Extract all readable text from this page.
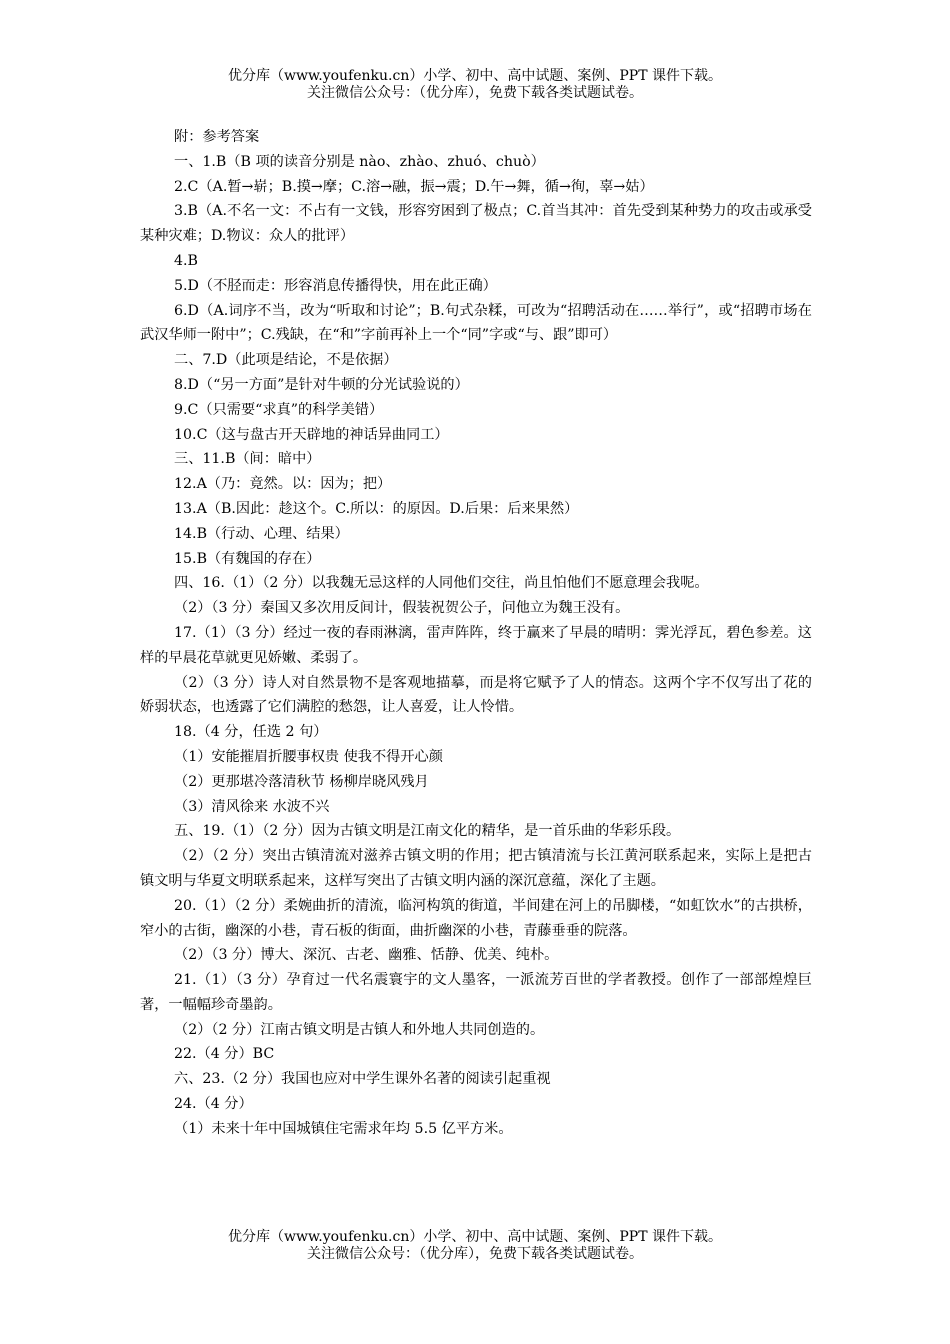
优分库（www.youfenku.cn）小学、初中、高中试题、案例、PPT 课件下载。
关注微信公众号：（优分库），免费下载各类试题试卷。

附：参考答案

一、1.B（B 项的读音分别是 nào、zhào、zhuó、chuò）

2.C（A.暂→崭；B.摸→摩；C.溶→融，振→震；D.午→舞，循→徇，辜→姑）

3.B（A.不名一文：不占有一文钱，形容穷困到了极点；C.首当其冲：首先受到某种势力的攻击或承受某种灾难；D.物议：众人的批评）

4.B

5.D（不胫而走：形容消息传播得快，用在此正确）

6.D（A.词序不当，改为“听取和讨论”；B.句式杂糅，可改为“招聘活动在……举行”，或“招聘市场在武汉华师一附中”；C.残缺，在“和”字前再补上一个“同”字或“与、跟”即可）

二、7.D（此项是结论，不是依据）

8.D（“另一方面”是针对牛顿的分光试验说的）

9.C（只需要“求真”的科学美错）

10.C（这与盘古开天辟地的神话异曲同工）

三、11.B（间：暗中）

12.A（乃：竟然。以：因为；把）

13.A（B.因此：趁这个。C.所以：的原因。D.后果：后来果然）

14.B（行动、心理、结果）

15.B（有魏国的存在）

四、16.（1）（2 分）以我魏无忌这样的人同他们交往，尚且怕他们不愿意理会我呢。

（2）（3 分）秦国又多次用反间计，假装祝贺公子，问他立为魏王没有。

17.（1）（3 分）经过一夜的春雨淋漓，雷声阵阵，终于赢来了早晨的晴明：霁光浮瓦，碧色参差。这样的早晨花草就更见娇嫩、柔弱了。

（2）（3 分）诗人对自然景物不是客观地描摹，而是将它赋予了人的情态。这两个字不仅写出了花的娇弱状态，也透露了它们满腔的愁怨，让人喜爱，让人怜惜。

18.（4 分，任选 2 句）

（1）安能摧眉折腰事权贵 使我不得开心颜

（2）更那堪冷落清秋节 杨柳岸晓风残月

（3）清风徐来 水波不兴

五、19.（1）（2 分）因为古镇文明是江南文化的精华，是一首乐曲的华彩乐段。

（2）（2 分）突出古镇清流对滋养古镇文明的作用；把古镇清流与长江黄河联系起来，实际上是把古镇文明与华夏文明联系起来，这样写突出了古镇文明内涵的深沉意蕴，深化了主题。

20.（1）（2 分）柔婉曲折的清流，临河构筑的街道，半间建在河上的吊脚楼，“如虹饮水”的古拱桥，窄小的古街，幽深的小巷，青石板的街面，曲折幽深的小巷，青藤垂垂的院落。

（2）（3 分）博大、深沉、古老、幽雅、恬静、优美、纯朴。

21.（1）（3 分）孕育过一代名震寰宇的文人墨客，一派流芳百世的学者教授。创作了一部部煌煌巨著，一幅幅珍奇墨韵。

（2）（2 分）江南古镇文明是古镇人和外地人共同创造的。

22.（4 分）BC

六、23.（2 分）我国也应对中学生课外名著的阅读引起重视

24.（4 分）

（1）未来十年中国城镇住宅需求年均 5.5 亿平方米。

优分库（www.youfenku.cn）小学、初中、高中试题、案例、PPT 课件下载。
关注微信公众号：（优分库），免费下载各类试题试卷。
